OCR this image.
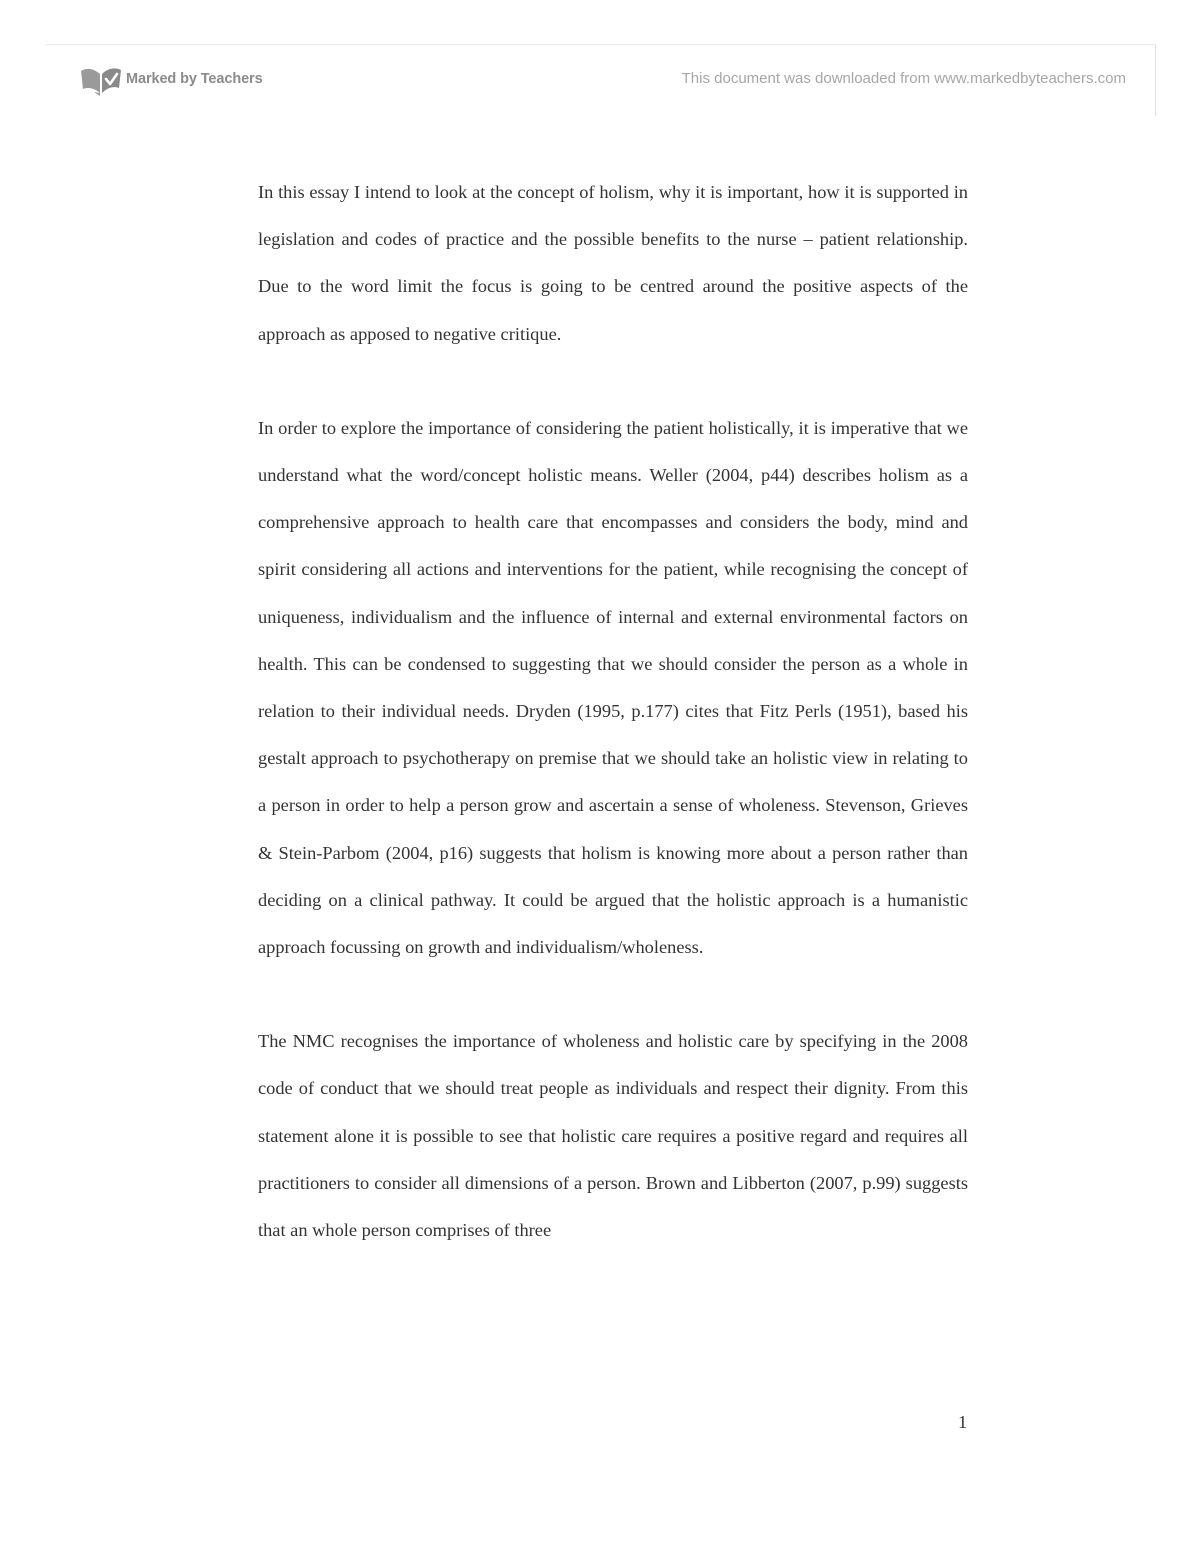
Marked by Teachers	This document was downloaded from www.markedbyteachers.com

In this essay I intend to look at the concept of holism, why it is important, how it is supported in legislation and codes of practice and the possible benefits to the nurse – patient relationship. Due to the word limit the focus is going to be centred around the positive aspects of the approach as apposed to negative critique.

In order to explore the importance of considering the patient holistically, it is imperative that we understand what the word/concept holistic means. Weller (2004, p44) describes holism as a comprehensive approach to health care that encompasses and considers the body, mind and spirit considering all actions and interventions for the patient, while recognising the concept of uniqueness, individualism and the influence of internal and external environmental factors on health. This can be condensed to suggesting that we should consider the person as a whole in relation to their individual needs. Dryden (1995, p.177) cites that Fitz Perls (1951), based his gestalt approach to psychotherapy on premise that we should take an holistic view in relating to a person in order to help a person grow and ascertain a sense of wholeness. Stevenson, Grieves & Stein-Parbom (2004, p16) suggests that holism is knowing more about a person rather than deciding on a clinical pathway. It could be argued that the holistic approach is a humanistic approach focussing on growth and individualism/wholeness.

The NMC recognises the importance of wholeness and holistic care by specifying in the 2008 code of conduct that we should treat people as individuals and respect their dignity. From this statement alone it is possible to see that holistic care requires a positive regard and requires all practitioners to consider all dimensions of a person. Brown and Libberton (2007, p.99) suggests that an whole person comprises of three

1
